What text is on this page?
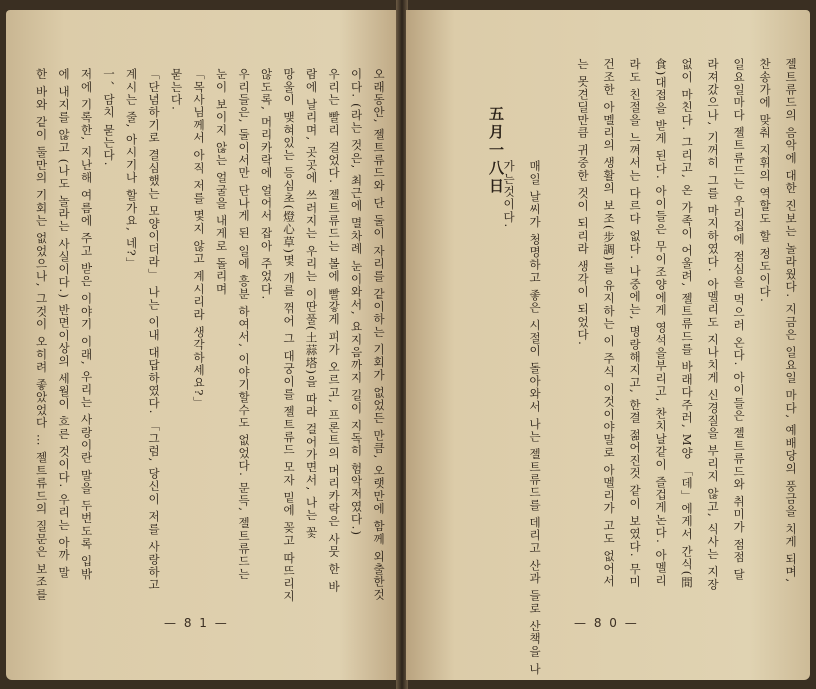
오래동안, 젤트류드와 단 둘이 자리를 같이하는 기회가 없었든 만큼, 오랫만에 함께 외출한것
이다. (라는 것은, 최근에 멸차례 눈이와서, 요지음까지 길이 지독히 험악저였다.)
우리는 빨리 걸었다. 젤트류드는 볼에 빨갛게 피가 오르고, 프론트의 머리카락은 사뭇 한 바
람에 날리며, 곳곳에 쓰러지는 우리는 이딴풀(土蒜塔)을 따라 걸어가면서, 나는 꽃
망울이 맺혀있는 등심초(燈心草)몇 개를 꺾어 그 대궁이를 젤트류드 모자 밑에 꽂고 따뜨리지
않도록, 머리카락에 얼어서 잡아 주었다.
우리들은, 둘이서만 단나게 된 일에 흥분 하여서, 이야기할수도 없었다. 문득, 젤트류드는
눈이 보이지 않는 얼굴을 내게로 돌리며
「목사님께서 아직 저를 몇지 않고 계시리라 생각하세요?」
묻는다.
「단념하기로 결심했는 모양이더라」 나는 이내 대답하였다. 「그럼, 당신이 저를 사랑하고
계시는 줄, 아시기나 할가요, 네?」
一、담치 묻는다.
저에 기록한, 지난해 여름에 주고 받은 이야기 이래, 우리는 사랑이란 말을 두번도록 입밖
에 내지를 않고 (나도 놀라는 사실이다.) 반면이상의 세월이 흐른 것이다. 우리는 아까 말
한 바와 같이 둘만의 기회는 없었으나, 그것이 오히려 좋았었다 … 젤트류드의 질문은 보조를
— 8 1 —
젤트류드의 음악에 대한 진보는 놀라웠다. 지금은 일요일 마다, 예배당의 풍금을 치게 되며,
찬송가에 맞춰 지휘의 역할도 할 정도이다.
일요일마다 젤트류드는 우리집에 점심을 먹으러 온다. 아이들은 젤트류드와 취미가 점점 달
라져갔으나, 기꺼히 그를 마지하였다. 아멜리도 지나치게 신경질을 부리지 않고, 식사는 지장
없이 마친다. 그리고, 온 가족이 어울려, 젤트류드를 바래다주러, M양 「데」에게서 간식(間
食)대접을 받게 된다. 아이들은 무이조양에게 영석을부리고, 찬치날같이 즐겁게논다. 아멜리
라도 친절을 느껴서는 다르다 없다. 나중에는, 명랑해지고, 한결 젊어진것 같이 보였다. 무미
건조한 아멜리의 생활의 보조(步調)를 유지하는 이 주식 이것이야말로 아멜리가 고도 없어서
는 못견딜만큼 귀중한 것이 되리라 생각이 되었다.
五月一八日
매일 날씨가 청명하고 좋은 시절이 돌아와서 나는 젤트류드를 데리고 산과 들로 산책을 나
가는것이다.
— 8 0 —
